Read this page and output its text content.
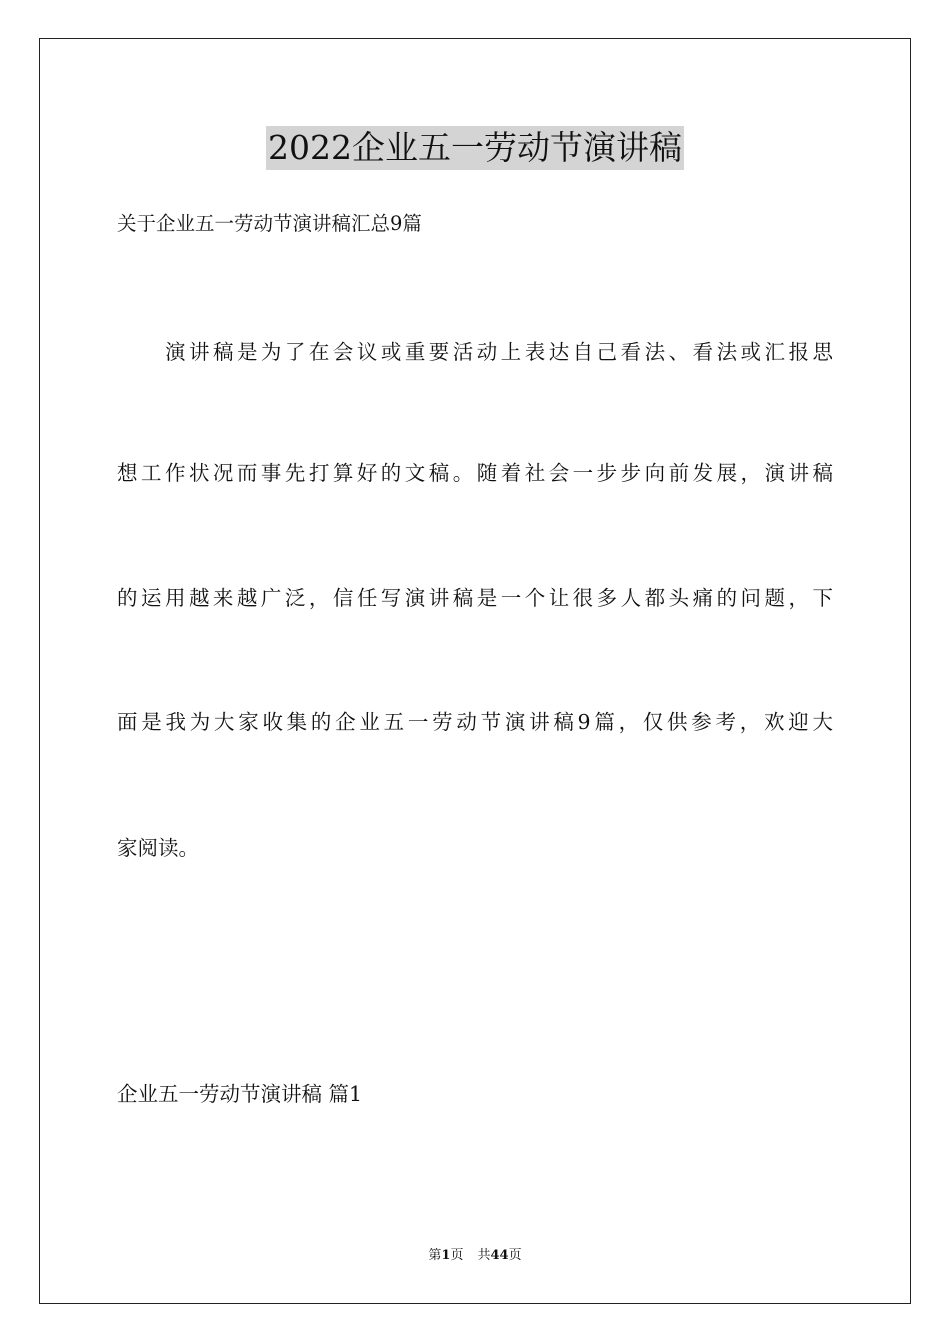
2022企业五一劳动节演讲稿
关于企业五一劳动节演讲稿汇总9篇
演讲稿是为了在会议或重要活动上表达自己看法、看法或汇报思
想工作状况而事先打算好的文稿。随着社会一步步向前发展，演讲稿
的运用越来越广泛，信任写演讲稿是一个让很多人都头痛的问题，下
面是我为大家收集的企业五一劳动节演讲稿9篇，仅供参考，欢迎大
家阅读。
企业五一劳动节演讲稿 篇1
第1页 共44页
